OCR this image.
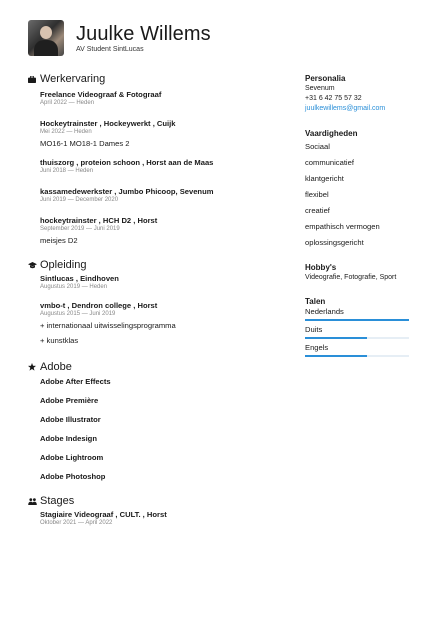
Juulke Willems
AV Student SintLucas
Werkervaring
Freelance Videograaf & Fotograaf
April 2022 — Heden
Hockeytrainster , Hockeywerkt , Cuijk
Mei 2022 — Heden
MO16-1 MO18-1 Dames 2
thuiszorg , proteion schoon , Horst aan de Maas
Juni 2018 — Heden
kassamedewerkster , Jumbo Phicoop, Sevenum
Juni 2019 — December 2020
hockeytrainster , HCH D2 , Horst
September 2019 — Juni 2019
meisjes D2
Opleiding
Sintlucas , Eindhoven
Augustus 2019 — Heden
vmbo-t , Dendron college , Horst
Augustus 2015 — Juni 2019
+ internationaal uitwisselingsprogramma
+ kunstklas
Adobe
Adobe After Effects
Adobe Première
Adobe Illustrator
Adobe Indesign
Adobe Lightroom
Adobe Photoshop
Stages
Stagiaire Videograaf , CULT. , Horst
Oktober 2021 — April 2022
Personalia
Sevenum
+31 6 42 75 57 32
juulkewillems@gmail.com
Vaardigheden
Sociaal
communicatief
klantgericht
flexibel
creatief
empathisch vermogen
oplossingsgericht
Hobby's
Videografie, Fotografie, Sport
Talen
Nederlands
Duits
Engels
